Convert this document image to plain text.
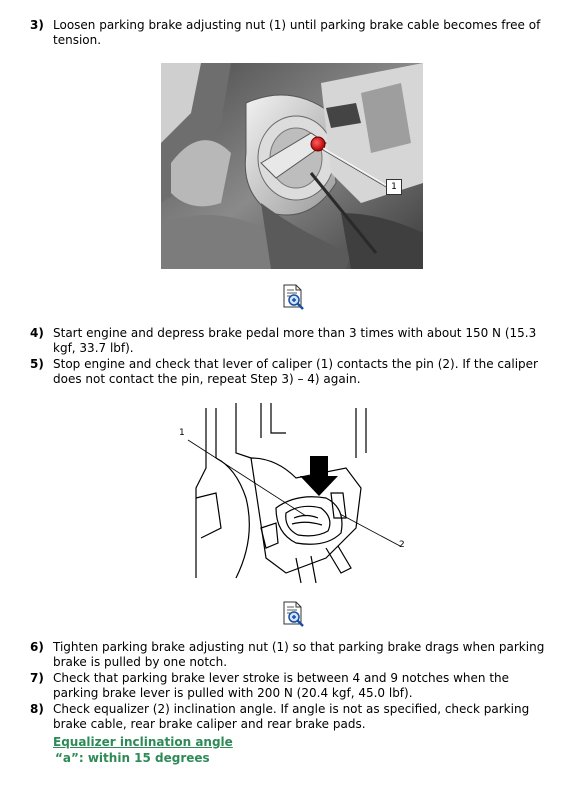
3) Loosen parking brake adjusting nut (1) until parking brake cable becomes free of tension.
1
4) Start engine and depress brake pedal more than 3 times with about 150 N (15.3 kgf, 33.7 lbf).
5) Stop engine and check that lever of caliper (1) contacts the pin (2). If the caliper does not contact the pin, repeat Step 3) – 4) again.
1
2
6) Tighten parking brake adjusting nut (1) so that parking brake drags when parking brake is pulled by one notch.
7) Check that parking brake lever stroke is between 4 and 9 notches when the parking brake lever is pulled with 200 N (20.4 kgf, 45.0 lbf).
8) Check equalizer (2) inclination angle. If angle is not as specified, check parking brake cable, rear brake caliper and rear brake pads.
Equalizer inclination angle
“a”: within 15 degrees
